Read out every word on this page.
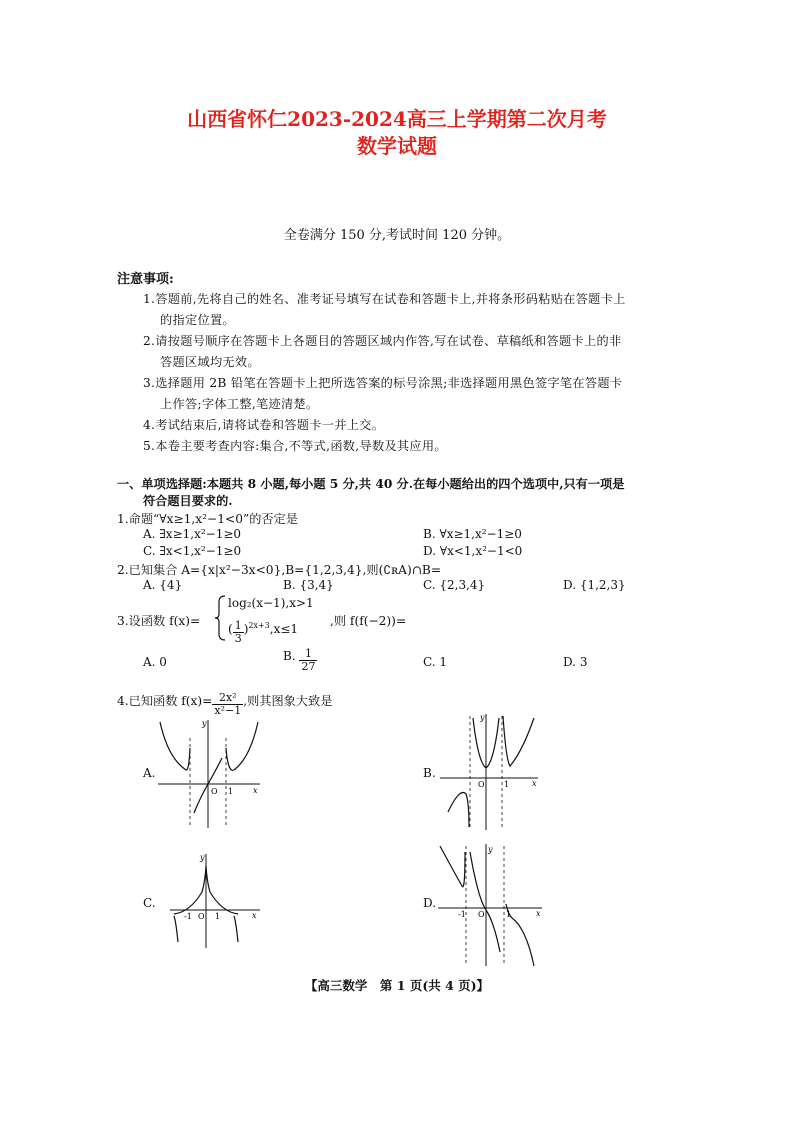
山西省怀仁2023-2024高三上学期第二次月考
数学试题
全卷满分 150 分,考试时间 120 分钟。
注意事项:
1.答题前,先将自己的姓名、准考证号填写在试卷和答题卡上,并将条形码粘贴在答题卡上
的指定位置。
2.请按题号顺序在答题卡上各题目的答题区域内作答,写在试卷、草稿纸和答题卡上的非
答题区域均无效。
3.选择题用 2B 铅笔在答题卡上把所选答案的标号涂黑;非选择题用黑色签字笔在答题卡
上作答;字体工整,笔迹清楚。
4.考试结束后,请将试卷和答题卡一并上交。
5.本卷主要考查内容:集合,不等式,函数,导数及其应用。
一、单项选择题:本题共 8 小题,每小题 5 分,共 40 分.在每小题给出的四个选项中,只有一项是
符合题目要求的.
1.命题“∀x≥1,x²−1<0”的否定是
A. ∃x≥1,x²−1≥0	B. ∀x≥1,x²−1≥0
C. ∃x<1,x²−1≥0	D. ∀x<1,x²−1<0
2.已知集合 A={x|x²−3x<0},B={1,2,3,4},则(∁ʀA)∩B=
A. {4}	B. {3,4}	C. {2,3,4}	D. {1,2,3}
3.设函数 f(x)=
log₂(x−1),x>1
( $\frac{1}{3} )^{2x+3},x\le 1$
,则 f(f(−2))=
A. 0	B. $\frac{1}{27}$	C. 1	D. 3
4.已知函数 $f(x)= \frac{\text{2x²}}{\text{x²−1}}$ ,则其图象大致是
A.	B.
C.	D.
O 1 x
y
O 1	x
y
-1 O 1	x
y
-1 O	1	x
y
【高三数学　第 1 页(共 4 页)】
